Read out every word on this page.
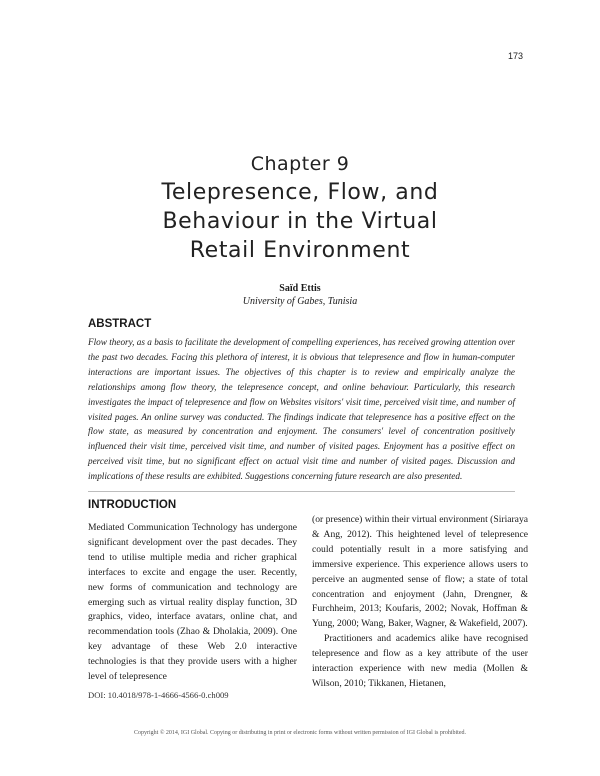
173
Chapter 9
Telepresence, Flow, and
Behaviour in the Virtual
Retail Environment
Saïd Ettis
University of Gabes, Tunisia
ABSTRACT
Flow theory, as a basis to facilitate the development of compelling experiences, has received growing attention over the past two decades. Facing this plethora of interest, it is obvious that telepresence and flow in human-computer interactions are important issues. The objectives of this chapter is to review and empirically analyze the relationships among flow theory, the telepresence concept, and online behaviour. Particularly, this research investigates the impact of telepresence and flow on Websites visitors' visit time, perceived visit time, and number of visited pages. An online survey was conducted. The findings indicate that telepresence has a positive effect on the flow state, as measured by concentration and enjoyment. The consumers' level of concentration positively influenced their visit time, perceived visit time, and number of visited pages. Enjoyment has a positive effect on perceived visit time, but no significant effect on actual visit time and number of visited pages. Discussion and implications of these results are exhibited. Suggestions concerning future research are also presented.
INTRODUCTION

Mediated Communication Technology has undergone significant development over the past decades. They tend to utilise multiple media and richer graphical interfaces to excite and engage the user. Recently, new forms of communication and technology are emerging such as virtual reality display function, 3D graphics, video, interface avatars, online chat, and recommendation tools (Zhao & Dholakia, 2009). One key advantage of these Web 2.0 interactive technologies is that they provide users with a higher level of telepresence

(or presence) within their virtual environment (Siriaraya & Ang, 2012). This heightened level of telepresence could potentially result in a more satisfying and immersive experience. This experience allows users to perceive an augmented sense of flow; a state of total concentration and enjoyment (Jahn, Drengner, & Furchheim, 2013; Koufaris, 2002; Novak, Hoffman & Yung, 2000; Wang, Baker, Wagner, & Wakefield, 2007).

Practitioners and academics alike have recognised telepresence and flow as a key attribute of the user interaction experience with new media (Mollen & Wilson, 2010; Tikkanen, Hietanen,

DOI: 10.4018/978-1-4666-4566-0.ch009
Copyright © 2014, IGI Global. Copying or distributing in print or electronic forms without written permission of IGI Global is prohibited.
